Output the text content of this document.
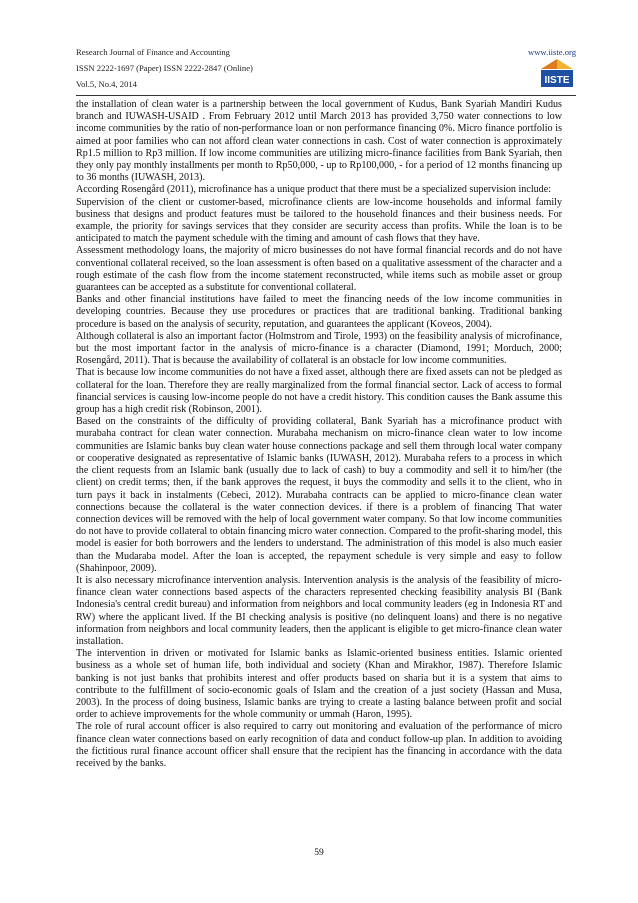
Research Journal of Finance and Accounting
ISSN 2222-1697 (Paper) ISSN 2222-2847 (Online)
Vol.5, No.4, 2014
www.iiste.org
IISTE

the installation of clean water is a partnership between the local government of Kudus, Bank Syariah Mandiri Kudus branch and IUWASH-USAID . From February 2012 until March 2013 has provided 3,750 water connections to low income communities by the ratio of non-performance loan or non performance financing 0%. Micro finance portfolio is aimed at poor families who can not afford clean water connections in cash. Cost of water connection is approximately Rp1.5 million to Rp3 million. If low income communities are utilizing micro-finance facilities from Bank Syariah, then they only pay monthly installments per month to Rp50,000, - up to Rp100,000, - for a period of 12 months financing up to 36 months (IUWASH, 2013).

According Rosengård (2011), microfinance has a unique product that there must be a specialized supervision include:

Supervision of the client or customer-based, microfinance clients are low-income households and informal family business that designs and product features must be tailored to the household finances and their business needs. For example, the priority for savings services that they consider are security access than profits. While the loan is to be anticipated to match the payment schedule with the timing and amount of cash flows that they have.

Assessment methodology loans, the majority of micro businesses do not have formal financial records and do not have conventional collateral received, so the loan assessment is often based on a qualitative assessment of the character and a rough estimate of the cash flow from the income statement reconstructed, while items such as mobile asset or group guarantees can be accepted as a substitute for conventional collateral.

Banks and other financial institutions have failed to meet the financing needs of the low income communities in developing countries. Because they use procedures or practices that are traditional banking. Traditional banking procedure is based on the analysis of security, reputation, and guarantees the applicant (Koveos, 2004).

Although collateral is also an important factor (Holmstrom and Tirole, 1993) on the feasibility analysis of microfinance, but the most important factor in the analysis of micro-finance is a character (Diamond, 1991; Morduch, 2000; Rosengård, 2011). That is because the availability of collateral is an obstacle for low income communities.

That is because low income communities do not have a fixed asset, although there are fixed assets can not be pledged as collateral for the loan. Therefore they are really marginalized from the formal financial sector. Lack of access to formal financial services is causing low-income people do not have a credit history. This condition causes the Bank assume this group has a high credit risk (Robinson, 2001).

Based on the constraints of the difficulty of providing collateral, Bank Syariah has a microfinance product with murabaha contract for clean water connection. Murabaha mechanism on micro-finance clean water to low income communities are Islamic banks buy clean water house connections package and sell them through local water company or cooperative designated as representative of Islamic banks (IUWASH, 2012). Murabaha refers to a process in which the client requests from an Islamic bank (usually due to lack of cash) to buy a commodity and sell it to him/her (the client) on credit terms; then, if the bank approves the request, it buys the commodity and sells it to the client, who in turn pays it back in instalments (Cebeci, 2012). Murabaha contracts can be applied to micro-finance clean water connections because the collateral is the water connection devices. if there is a problem of financing That water connection devices will be removed with the help of local government water company. So that low income communities do not have to provide collateral to obtain financing micro water connection. Compared to the profit-sharing model, this model is easier for both borrowers and the lenders to understand. The administration of this model is also much easier than the Mudaraba model. After the loan is accepted, the repayment schedule is very simple and easy to follow (Shahinpoor, 2009).

It is also necessary microfinance intervention analysis. Intervention analysis is the analysis of the feasibility of micro-finance clean water connections based aspects of the characters represented checking feasibility analysis BI (Bank Indonesia's central credit bureau) and information from neighbors and local community leaders (eg in Indonesia RT and RW) where the applicant lived. If the BI checking analysis is positive (no delinquent loans) and there is no negative information from neighbors and local community leaders, then the applicant is eligible to get micro-finance clean water installation.

The intervention in driven or motivated for Islamic banks as Islamic-oriented business entities. Islamic oriented business as a whole set of human life, both individual and society (Khan and Mirakhor, 1987). Therefore Islamic banking is not just banks that prohibits interest and offer products based on sharia but it is a system that aims to contribute to the fulfillment of socio-economic goals of Islam and the creation of a just society (Hassan and Musa, 2003). In the process of doing business, Islamic banks are trying to create a lasting balance between profit and social order to achieve improvements for the whole community or ummah (Haron, 1995).

The role of rural account officer is also required to carry out monitoring and evaluation of the performance of micro finance clean water connections based on early recognition of data and conduct follow-up plan. In addition to avoiding the fictitious rural finance account officer shall ensure that the recipient has the financing in accordance with the data received by the banks.

59
